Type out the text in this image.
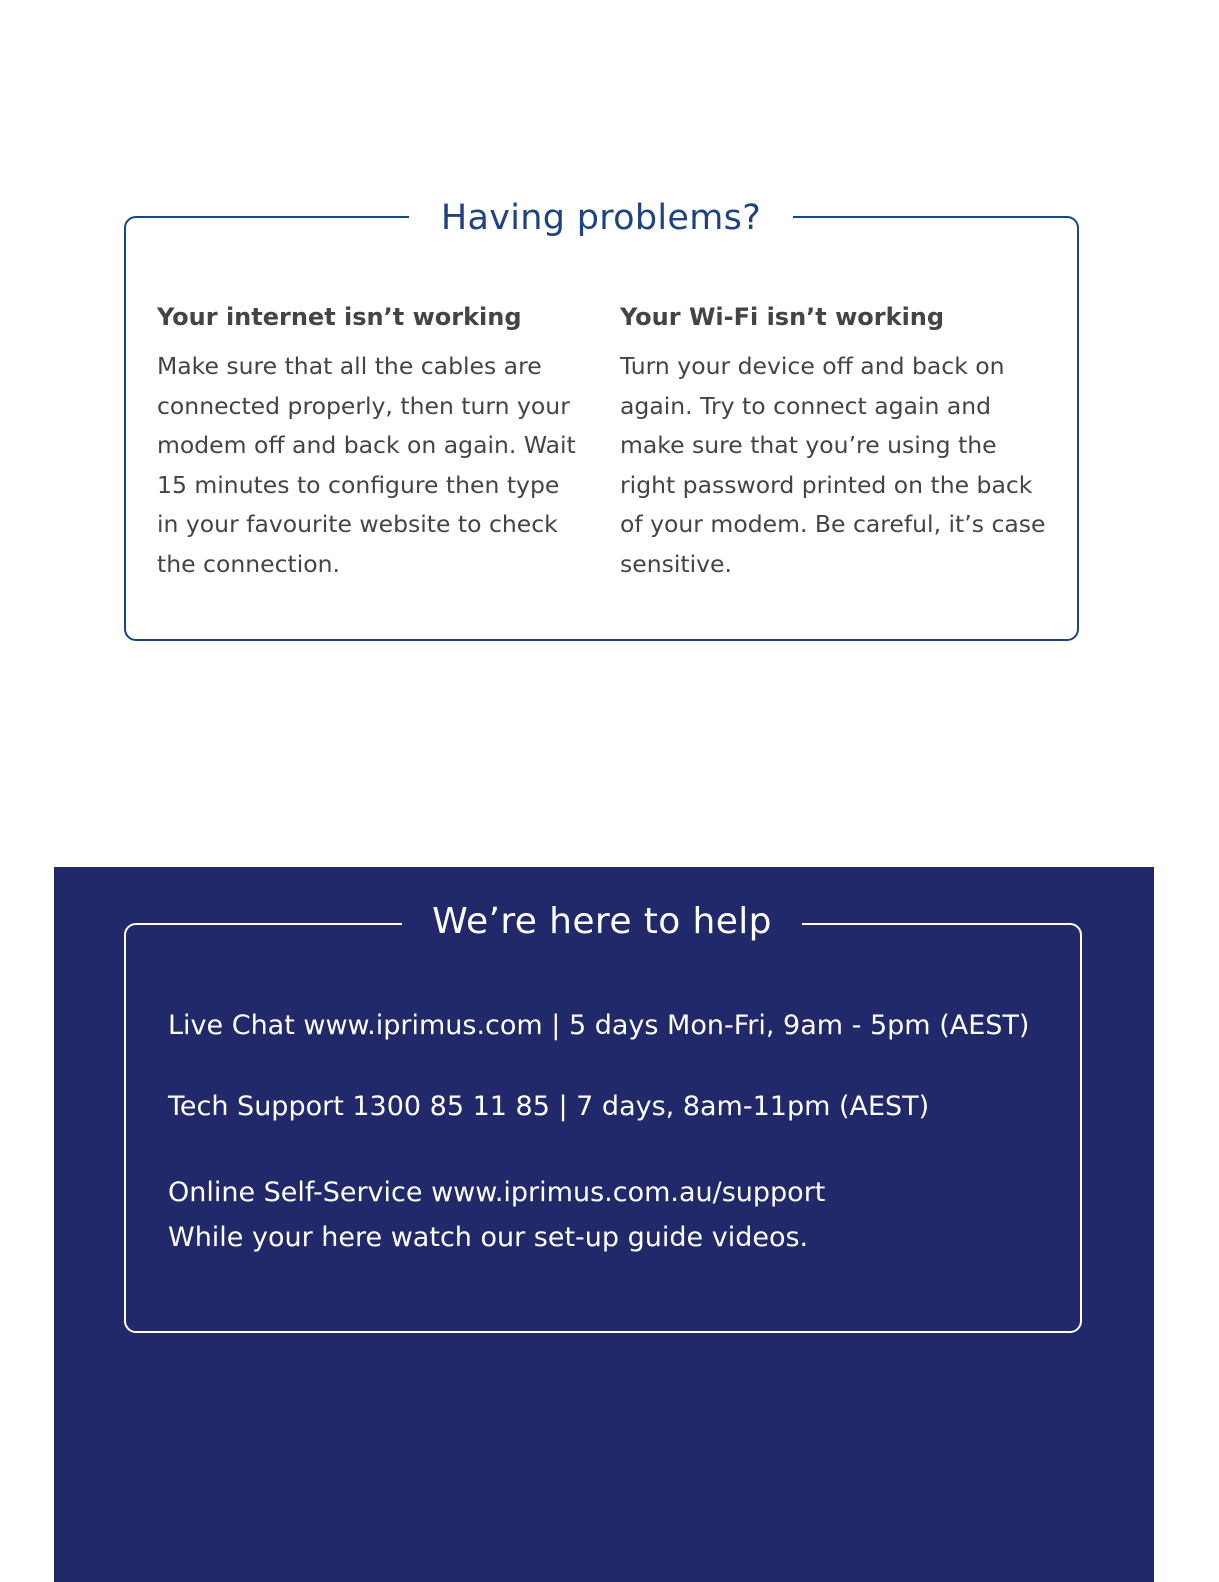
Having problems?

Your internet isn’t working

Make sure that all the cables are connected properly, then turn your modem off and back on again. Wait 15 minutes to configure then type in your favourite website to check the connection.

Your Wi-Fi isn’t working

Turn your device off and back on again. Try to connect again and make sure that you’re using the right password printed on the back of your modem. Be careful, it’s case sensitive.

We’re here to help

Live Chat www.iprimus.com | 5 days Mon-Fri, 9am - 5pm (AEST)

Tech Support 1300 85 11 85 | 7 days, 8am-11pm (AEST)

Online Self-Service www.iprimus.com.au/support

While your here watch our set-up guide videos.
